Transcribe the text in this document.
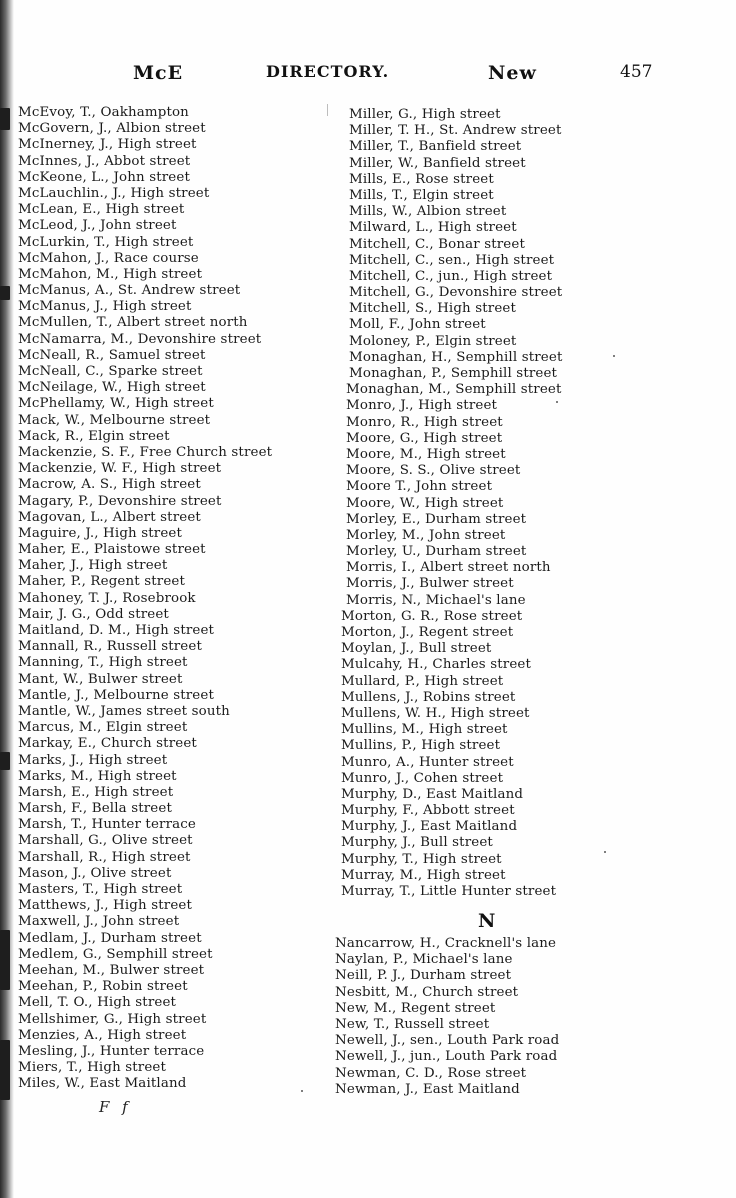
McE	DIRECTORY.	New	457
McEvoy, T., Oakhampton
McGovern, J., Albion street
McInerney, J., High street
McInnes, J., Abbot street
McKeone, L., John street
McLauchlin., J., High street
McLean, E., High street
McLeod, J., John street
McLurkin, T., High street
McMahon, J., Race course
McMahon, M., High street
McManus, A., St. Andrew street
McManus, J., High street
McMullen, T., Albert street north
McNamarra, M., Devonshire street
McNeall, R., Samuel street
McNeall, C., Sparke street
McNeilage, W., High street
McPhellamy, W., High street
Mack, W., Melbourne street
Mack, R., Elgin street
Mackenzie, S. F., Free Church street
Mackenzie, W. F., High street
Macrow, A. S., High street
Magary, P., Devonshire street
Magovan, L., Albert street
Maguire, J., High street
Maher, E., Plaistowe street
Maher, J., High street
Maher, P., Regent street
Mahoney, T. J., Rosebrook
Mair, J. G., Odd street
Maitland, D. M., High street
Mannall, R., Russell street
Manning, T., High street
Mant, W., Bulwer street
Mantle, J., Melbourne street
Mantle, W., James street south
Marcus, M., Elgin street
Markay, E., Church street
Marks, J., High street
Marks, M., High street
Marsh, E., High street
Marsh, F., Bella street
Marsh, T., Hunter terrace
Marshall, G., Olive street
Marshall, R., High street
Mason, J., Olive street
Masters, T., High street
Matthews, J., High street
Maxwell, J., John street
Medlam, J., Durham street
Medlem, G., Semphill street
Meehan, M., Bulwer street
Meehan, P., Robin street
Mell, T. O., High street
Mellshimer, G., High street
Menzies, A., High street
Mesling, J., Hunter terrace
Miers, T., High street
Miles, W., East Maitland
Miller, G., High street
Miller, T. H., St. Andrew street
Miller, T., Banfield street
Miller, W., Banfield street
Mills, E., Rose street
Mills, T., Elgin street
Mills, W., Albion street
Milward, L., High street
Mitchell, C., Bonar street
Mitchell, C., sen., High street
Mitchell, C., jun., High street
Mitchell, G., Devonshire street
Mitchell, S., High street
Moll, F., John street
Moloney, P., Elgin street
Monaghan, H., Semphill street
Monaghan, P., Semphill street
Monaghan, M., Semphill street
Monro, J., High street
Monro, R., High street
Moore, G., High street
Moore, M., High street
Moore, S. S., Olive street
Moore T., John street
Moore, W., High street
Morley, E., Durham street
Morley, M., John street
Morley, U., Durham street
Morris, I., Albert street north
Morris, J., Bulwer street
Morris, N., Michael's lane
Morton, G. R., Rose street
Morton, J., Regent street
Moylan, J., Bull street
Mulcahy, H., Charles street
Mullard, P., High street
Mullens, J., Robins street
Mullens, W. H., High street
Mullins, M., High street
Mullins, P., High street
Munro, A., Hunter street
Munro, J., Cohen street
Murphy, D., East Maitland
Murphy, F., Abbott street
Murphy, J., East Maitland
Murphy, J., Bull street
Murphy, T., High street
Murray, M., High street
Murray, T., Little Hunter street
N
Nancarrow, H., Cracknell's lane
Naylan, P., Michael's lane
Neill, P. J., Durham street
Nesbitt, M., Church street
New, M., Regent street
New, T., Russell street
Newell, J., sen., Louth Park road
Newell, J., jun., Louth Park road
Newman, C. D., Rose street
Newman, J., East Maitland
F f
